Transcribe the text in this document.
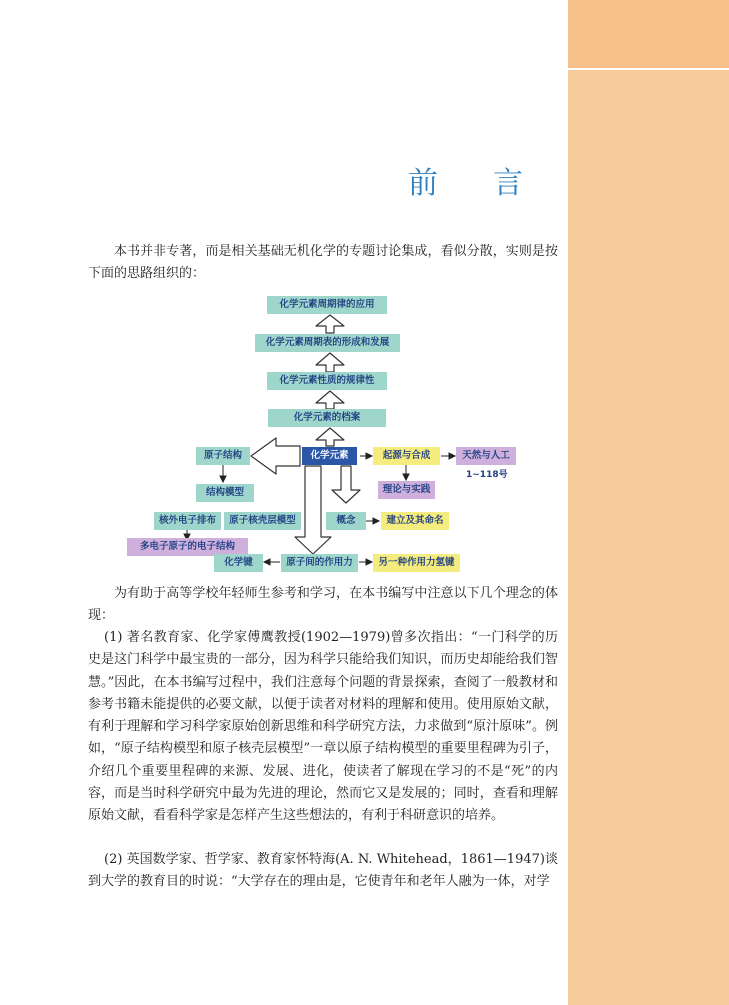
前 言

本书并非专著，而是相关基础无机化学的专题讨论集成，看似分散，实则是按下面的思路组织的：

化学元素周期律的应用
化学元素周期表的形成和发展
化学元素性质的规律性
化学元素的档案
化学元素
原子结构	起源与合成	天然与人工
1~118号
理论与实践
结构模型
核外电子排布	原子核壳层模型	概念	建立及其命名
多电子原子的电子结构
化学键	原子间的作用力	另一种作用力氢键

为有助于高等学校年轻师生参考和学习，在本书编写中注意以下几个理念的体现：

(1) 著名教育家、化学家傅鹰教授(1902—1979)曾多次指出：“一门科学的历史是这门科学中最宝贵的一部分，因为科学只能给我们知识，而历史却能给我们智慧。”因此，在本书编写过程中，我们注意每个问题的背景探索，查阅了一般教材和参考书籍未能提供的必要文献，以便于读者对材料的理解和使用。使用原始文献，有利于理解和学习科学家原始创新思维和科学研究方法，力求做到“原汁原味”。例如，“原子结构模型和原子核壳层模型”一章以原子结构模型的重要里程碑为引子，介绍几个重要里程碑的来源、发展、进化，使读者了解现在学习的不是“死”的内容，而是当时科学研究中最为先进的理论，然而它又是发展的；同时，查看和理解原始文献，看看科学家是怎样产生这些想法的，有利于科研意识的培养。

(2) 英国数学家、哲学家、教育家怀特海(A. N. Whitehead，1861—1947)谈到大学的教育目的时说：“大学存在的理由是，它使青年和老年人融为一体，对学
